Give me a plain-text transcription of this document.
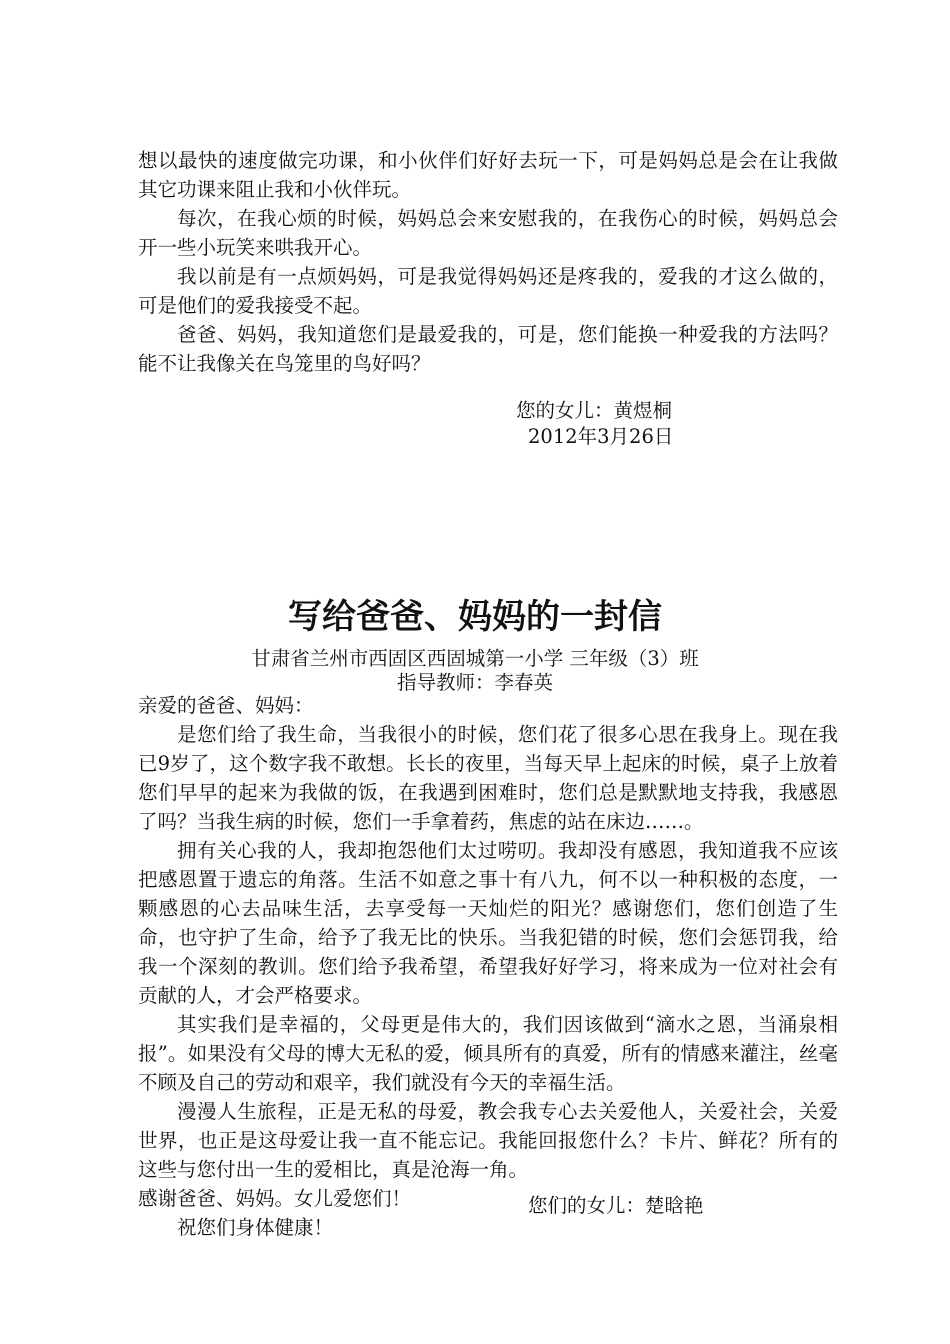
想以最快的速度做完功课，和小伙伴们好好去玩一下，可是妈妈总是会在让我做其它功课来阻止我和小伙伴玩。

每次，在我心烦的时候，妈妈总会来安慰我的，在我伤心的时候，妈妈总会开一些小玩笑来哄我开心。

我以前是有一点烦妈妈，可是我觉得妈妈还是疼我的，爱我的才这么做的，可是他们的爱我接受不起。

爸爸、妈妈，我知道您们是最爱我的，可是，您们能换一种爱我的方法吗？能不让我像关在鸟笼里的鸟好吗？

您的女儿：黄煜桐
2012年3月26日
写给爸爸、妈妈的一封信
甘肃省兰州市西固区西固城第一小学 三年级（3）班
指导教师：李春英

亲爱的爸爸、妈妈：

是您们给了我生命，当我很小的时候，您们花了很多心思在我身上。现在我已9岁了，这个数字我不敢想。长长的夜里，当每天早上起床的时候，桌子上放着您们早早的起来为我做的饭，在我遇到困难时，您们总是默默地支持我，我感恩了吗？当我生病的时候，您们一手拿着药，焦虑的站在床边……。

拥有关心我的人，我却抱怨他们太过唠叨。我却没有感恩，我知道我不应该把感恩置于遗忘的角落。生活不如意之事十有八九，何不以一种积极的态度，一颗感恩的心去品味生活，去享受每一天灿烂的阳光？感谢您们，您们创造了生命，也守护了生命，给予了我无比的快乐。当我犯错的时候，您们会惩罚我，给我一个深刻的教训。您们给予我希望，希望我好好学习，将来成为一位对社会有贡献的人，才会严格要求。

其实我们是幸福的，父母更是伟大的，我们因该做到“滴水之恩，当涌泉相报”。如果没有父母的博大无私的爱，倾具所有的真爱，所有的情感来灌注，丝毫不顾及自己的劳动和艰辛，我们就没有今天的幸福生活。

漫漫人生旅程，正是无私的母爱，教会我专心去关爱他人，关爱社会，关爱世界，也正是这母爱让我一直不能忘记。我能回报您什么？卡片、鲜花？所有的这些与您付出一生的爱相比，真是沧海一角。

感谢爸爸、妈妈。女儿爱您们！

祝您们身体健康！

您们的女儿：楚晗艳
